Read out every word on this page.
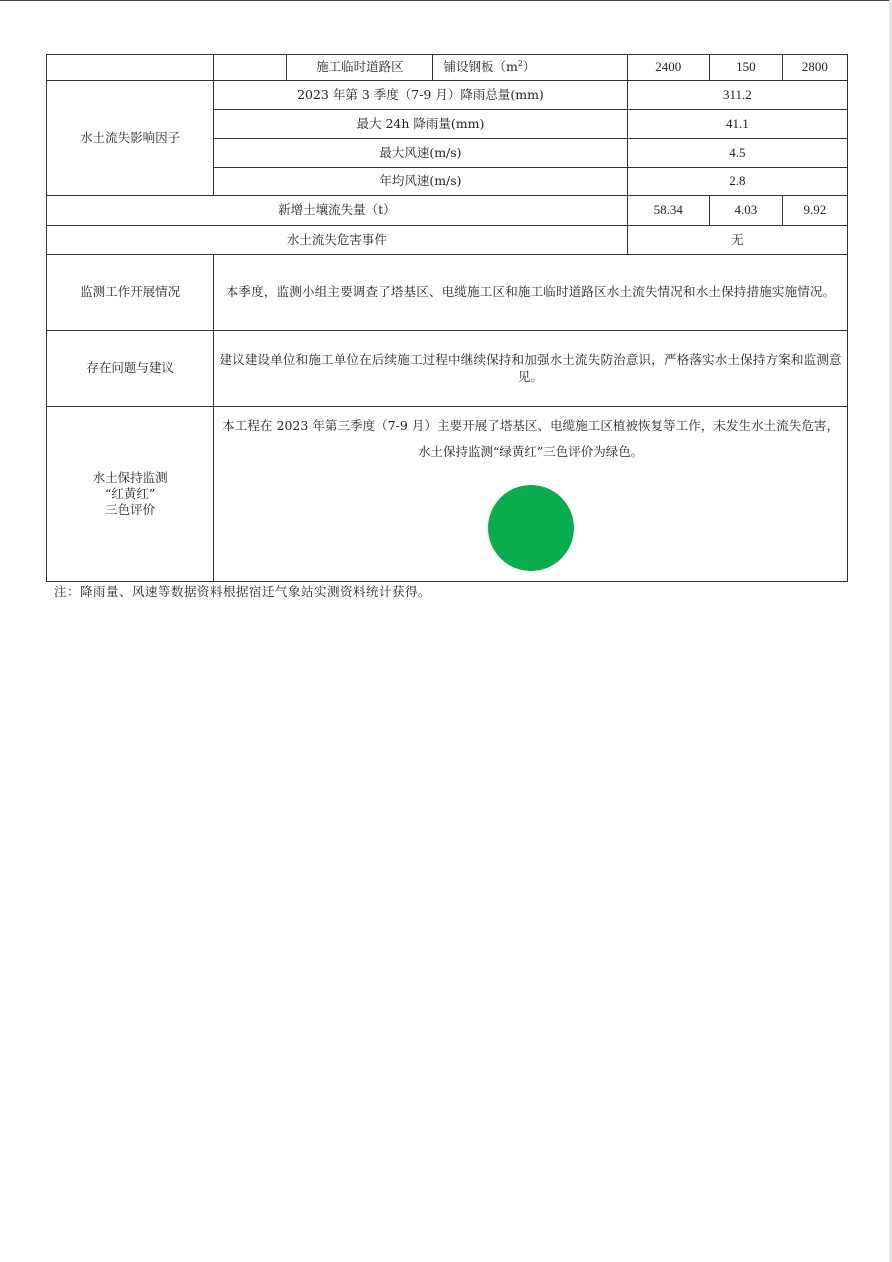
		施工临时道路区	铺设钢板$(m^2)$	2400	150	2800
水土流失影响因子	2023 年第 3 季度（7-9 月）降雨总量(mm)			311.2		
	最大 24h 降雨量(mm)			41.1		
	最大风速(m/s)			4.5		
	年均风速(m/s)			2.8		
新增土壤流失量（t）				58.34	4.03	9.92
水土流失危害事件				无		
监测工作开展情况	本季度，监测小组主要调查了塔基区、电缆施工区和施工临时道路区水土流失情况和水土保持措施实施情况。					
存在问题与建议	建议建设单位和施工单位在后续施工过程中继续保持和加强水土流失防治意识，严格落实水土保持方案和监测意见。					

水土保持监测
“红黄红”
三色评价	本工程在 2023 年第三季度（7-9 月）主要开展了塔基区、电缆施工区植被恢复等工作，未发生水土流失危害，水土保持监测“绿黄红”三色评价为绿色。					
注：降雨量、风速等数据资料根据宿迁气象站实测资料统计获得。
